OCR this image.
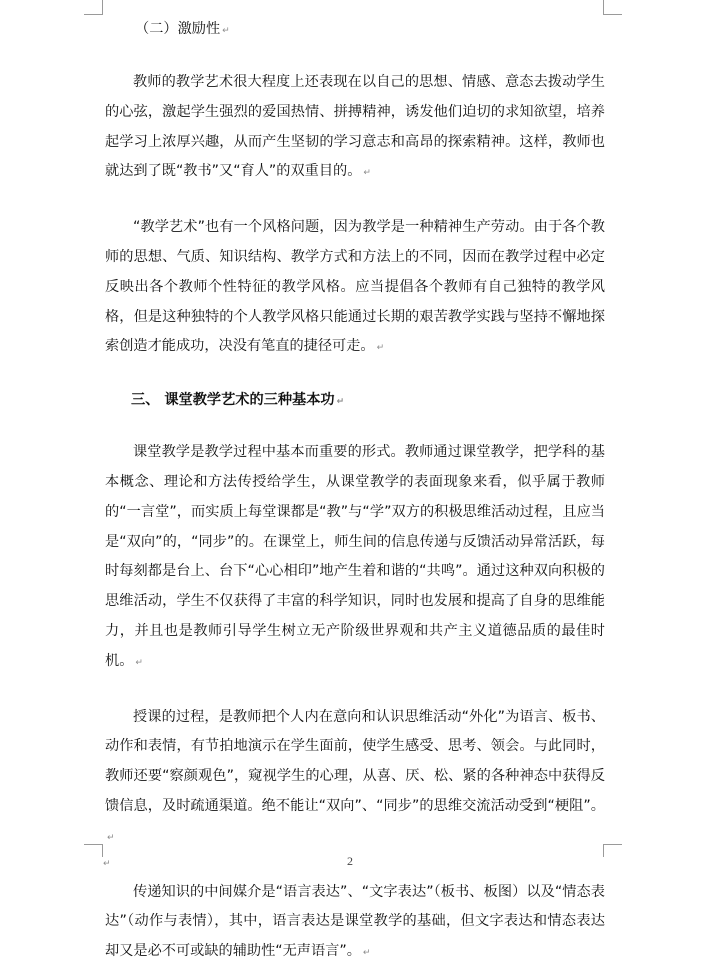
（二）激励性 ↵

教师的教学艺术很大程度上还表现在以自己的思想、情感、意态去拨动学生的心弦，激起学生强烈的爱国热情、拼搏精神，诱发他们迫切的求知欲望，培养起学习上浓厚兴趣，从而产生坚韧的学习意志和高昂的探索精神。这样，教师也就达到了既“教书”又“育人”的双重目的。 ↵

“教学艺术”也有一个风格问题，因为教学是一种精神生产劳动。由于各个教师的思想、气质、知识结构、教学方式和方法上的不同，因而在教学过程中必定反映出各个教师个性特征的教学风格。应当提倡各个教师有自己独特的教学风格，但是这种独特的个人教学风格只能通过长期的艰苦教学实践与坚持不懈地探索创造才能成功，决没有笔直的捷径可走。 ↵

三、 课堂教学艺术的三种基本功 ↵

课堂教学是教学过程中基本而重要的形式。教师通过课堂教学，把学科的基本概念、理论和方法传授给学生，从课堂教学的表面现象来看，似乎属于教师的“一言堂”，而实质上每堂课都是“教”与“学”双方的积极思维活动过程，且应当是“双向”的，“同步”的。在课堂上，师生间的信息传递与反馈活动异常活跃，每时每刻都是台上、台下“心心相印”地产生着和谐的“共鸣”。通过这种双向积极的思维活动，学生不仅获得了丰富的科学知识，同时也发展和提高了自身的思维能力，并且也是教师引导学生树立无产阶级世界观和共产主义道德品质的最佳时机。 ↵

授课的过程，是教师把个人内在意向和认识思维活动“外化”为语言、板书、动作和表情，有节拍地演示在学生面前，使学生感受、思考、领会。与此同时，教师还要“察颜观色”，窥视学生的心理，从喜、厌、松、紧的各种神态中获得反馈信息，及时疏通渠道。绝不能让“双向”、“同步”的思维交流活动受到“梗阻”。↵

传递知识的中间媒介是“语言表达”、“文字表达”（板书、板图）以及“情态表达”（动作与表情），其中，语言表达是课堂教学的基础，但文字表达和情态表达却又是必不可或缺的辅助性“无声语言”。 ↵

↵	2
